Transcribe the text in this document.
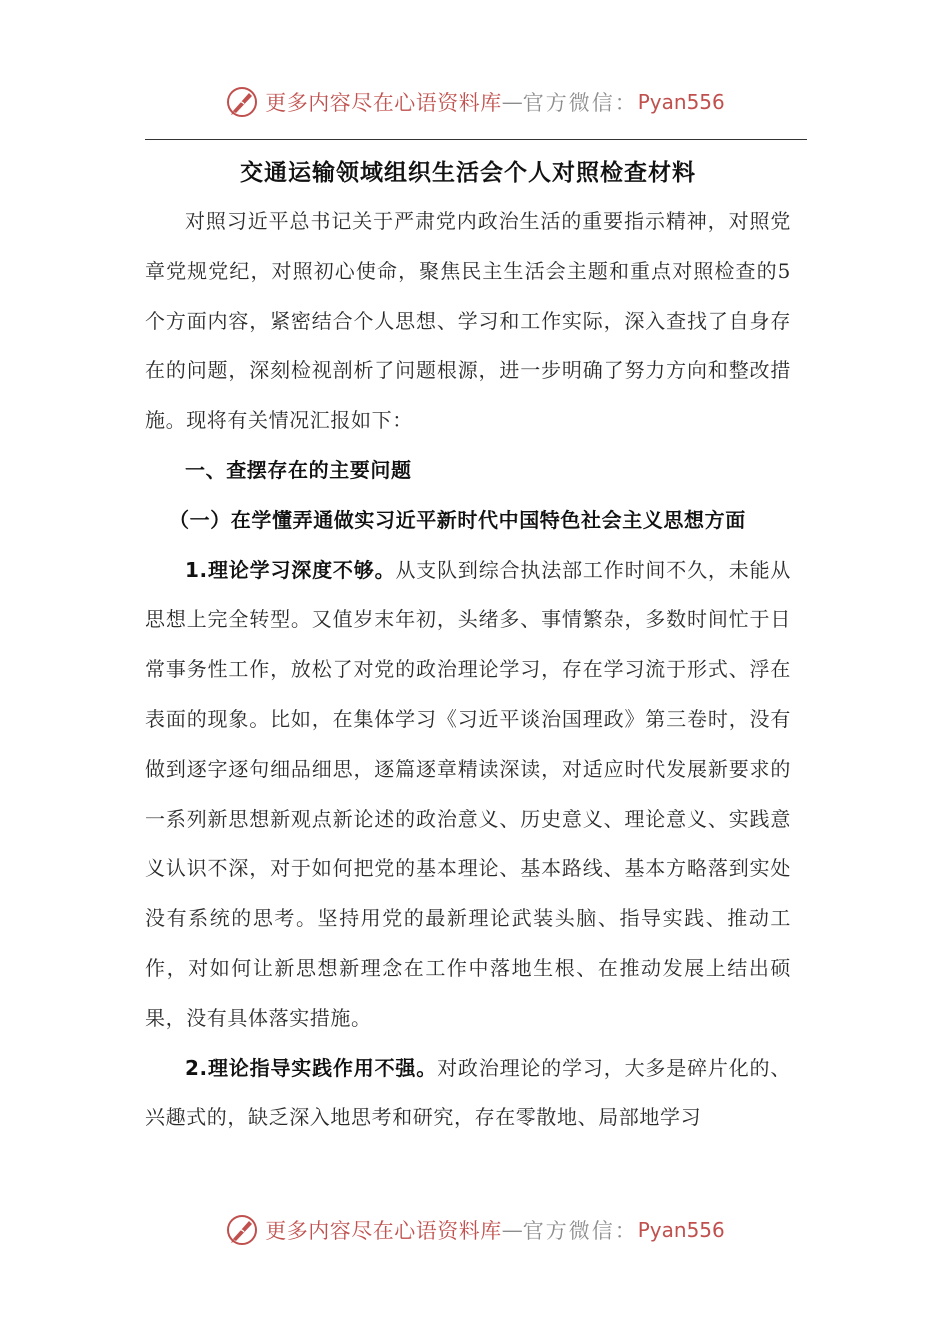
更多内容尽在心语资料库 — 官方微信： Pyan556
交通运输领域组织生活会个人对照检查材料

对照习近平总书记关于严肃党内政治生活的重要指示精神，对照党章党规党纪，对照初心使命，聚焦民主生活会主题和重点对照检查的5个方面内容，紧密结合个人思想、学习和工作实际，深入查找了自身存在的问题，深刻检视剖析了问题根源，进一步明确了努力方向和整改措施。现将有关情况汇报如下：

一、查摆存在的主要问题

（一）在学懂弄通做实习近平新时代中国特色社会主义思想方面

1.理论学习深度不够。从支队到综合执法部工作时间不久，未能从思想上完全转型。又值岁末年初，头绪多、事情繁杂，多数时间忙于日常事务性工作，放松了对党的政治理论学习，存在学习流于形式、浮在表面的现象。比如，在集体学习《习近平谈治国理政》第三卷时，没有做到逐字逐句细品细思，逐篇逐章精读深读，对适应时代发展新要求的一系列新思想新观点新论述的政治意义、历史意义、理论意义、实践意义认识不深，对于如何把党的基本理论、基本路线、基本方略落到实处没有系统的思考。坚持用党的最新理论武装头脑、指导实践、推动工作，对如何让新思想新理念在工作中落地生根、在推动发展上结出硕果，没有具体落实措施。

2.理论指导实践作用不强。对政治理论的学习，大多是碎片化的、兴趣式的，缺乏深入地思考和研究，存在零散地、局部地学习

更多内容尽在心语资料库 — 官方微信： Pyan556
